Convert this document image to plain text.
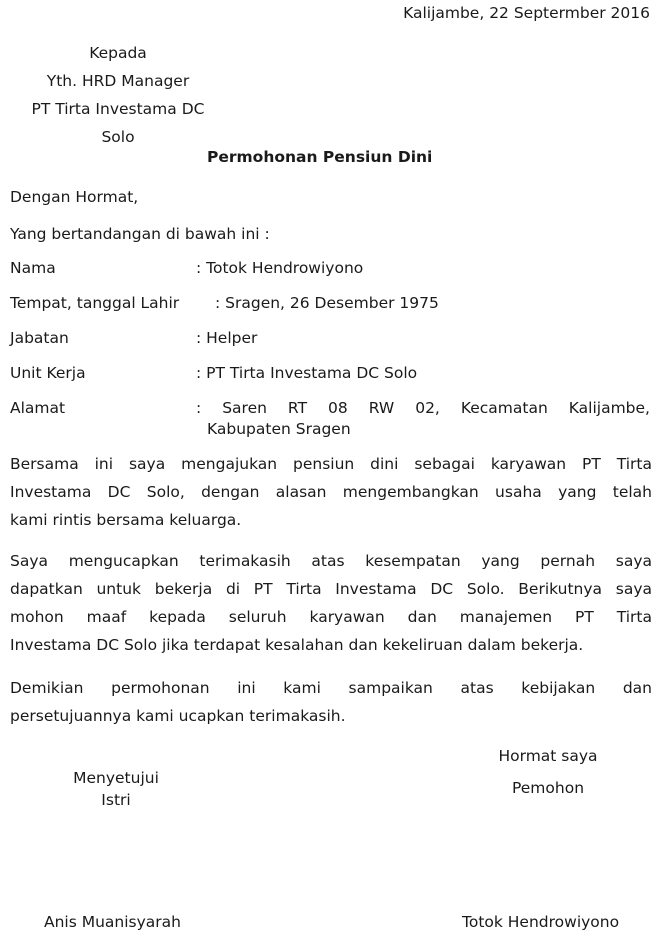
Kalijambe, 22 Septermber 2016
Kepada
Yth. HRD Manager
PT Tirta Investama DC
Solo
Permohonan Pensiun Dini
Dengan Hormat,
Yang bertandangan di bawah ini :
Nama	: Totok Hendrowiyono
Tempat, tanggal Lahir : Sragen, 26 Desember 1975
Jabatan	: Helper
Unit Kerja	: PT Tirta Investama DC Solo
Alamat	:  Saren  RT  08  RW  02,  Kecamatan  Kalijambe,
Kabupaten Sragen
Bersama ini saya mengajukan pensiun dini sebagai karyawan PT Tirta
Investama DC Solo, dengan alasan mengembangkan usaha yang telah
kami rintis bersama keluarga.
Saya mengucapkan terimakasih atas kesempatan yang pernah saya
dapatkan untuk bekerja di PT Tirta Investama DC Solo. Berikutnya saya
mohon maaf kepada seluruh karyawan dan manajemen PT Tirta
Investama DC Solo jika terdapat kesalahan dan kekeliruan dalam bekerja.
Demikian permohonan ini kami sampaikan atas kebijakan dan
persetujuannya kami ucapkan terimakasih.
Menyetujui
Istri
Anis Muanisyarah
Hormat saya
Pemohon
Totok Hendrowiyono
